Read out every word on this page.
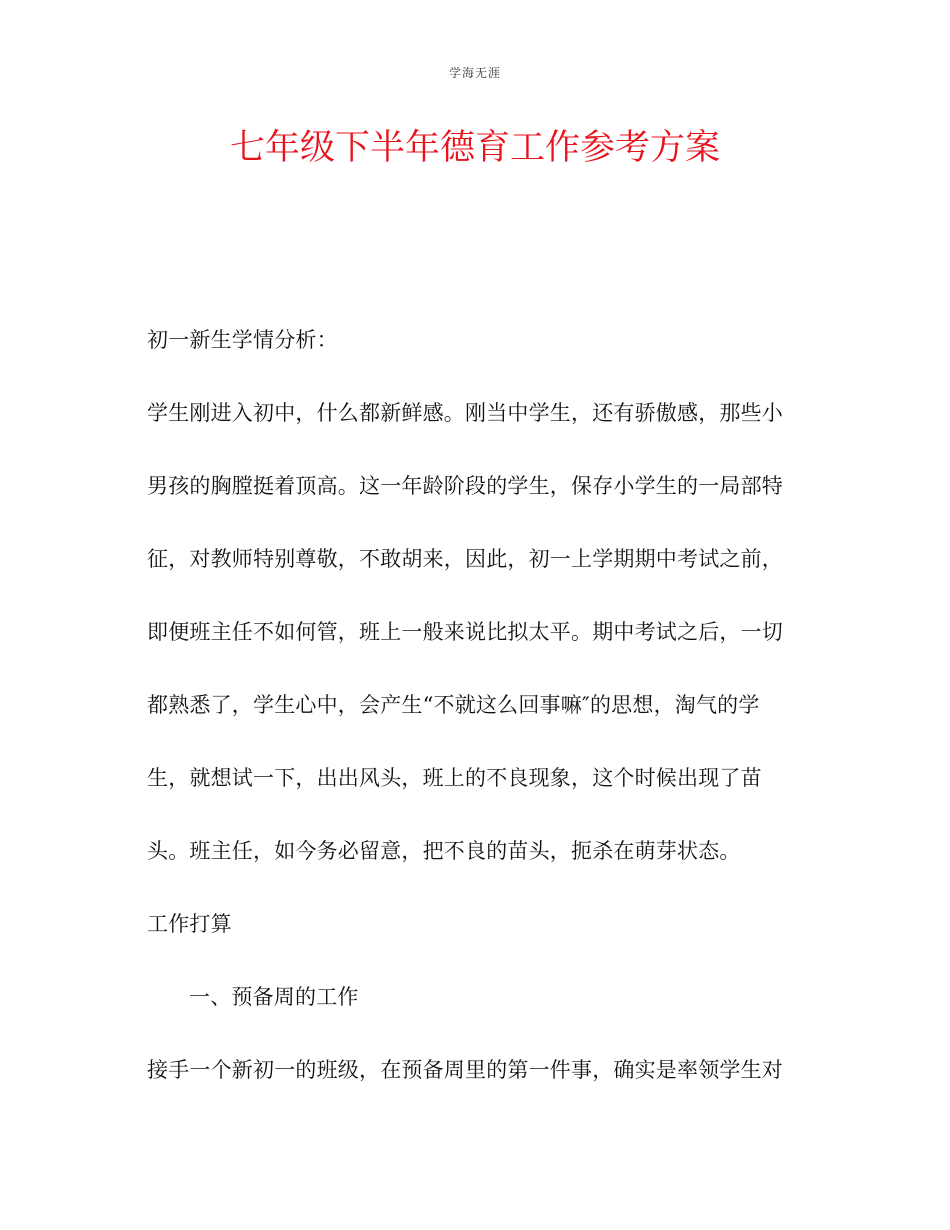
学海无涯
七年级下半年德育工作参考方案
初一新生学情分析：
学生刚进入初中，什么都新鲜感。刚当中学生，还有骄傲感，那些小
男孩的胸膛挺着顶高。这一年龄阶段的学生，保存小学生的一局部特
征，对教师特别尊敬，不敢胡来，因此，初一上学期期中考试之前，
即便班主任不如何管，班上一般来说比拟太平。期中考试之后，一切
都熟悉了，学生心中，会产生“不就这么回事嘛″的思想，淘气的学
生，就想试一下，出出风头，班上的不良现象，这个时候出现了苗
头。班主任，如今务必留意，把不良的苗头，扼杀在萌芽状态。
工作打算
一、预备周的工作
接手一个新初一的班级，在预备周里的第一件事，确实是率领学生对
